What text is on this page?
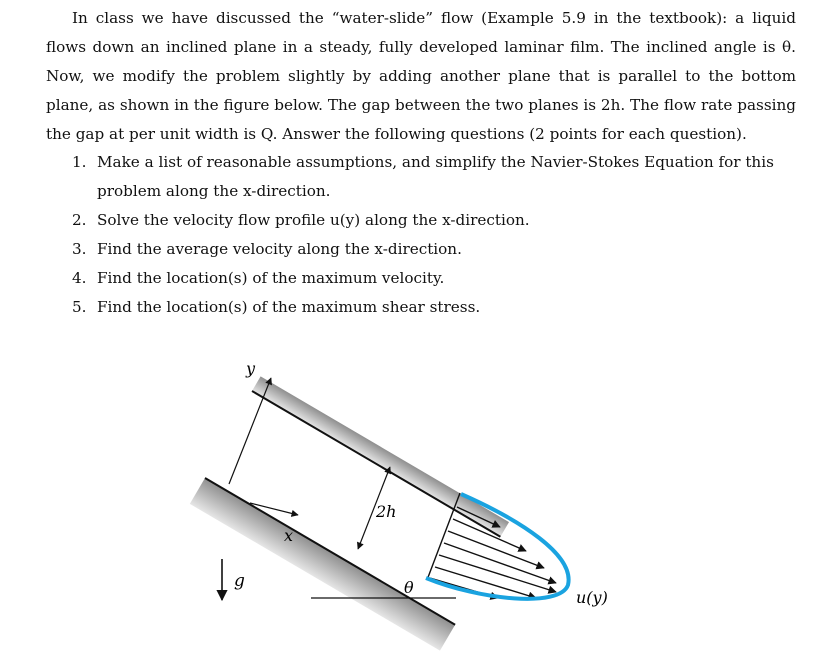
In class we have discussed the “water-slide” flow (Example 5.9 in the textbook): a liquid flows down an inclined plane in a steady, fully developed laminar film. The inclined angle is θ. Now, we modify the problem slightly by adding another plane that is parallel to the bottom plane, as shown in the figure below. The gap between the two planes is 2h. The flow rate passing the gap at per unit width is Q. Answer the following questions (2 points for each question).

1. Make a list of reasonable assumptions, and simplify the Navier-Stokes Equation for this problem along the x-direction.
2. Solve the velocity flow profile u(y) along the x-direction.
3. Find the average velocity along the x-direction.
4. Find the location(s) of the maximum velocity.
5. Find the location(s) of the maximum shear stress.
y
x
2h
u(y)
θ
g
